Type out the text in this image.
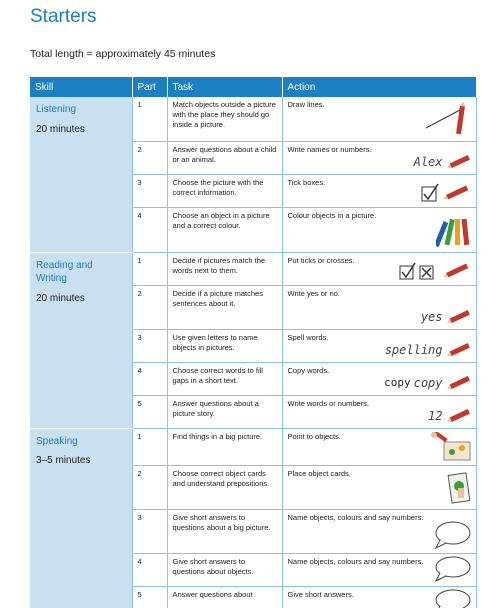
Starters

Total length = approximately 45 minutes

Skill	Part	Task	Action

Listening
20 minutes	1	Match objects outside a picture with the place they should go inside a picture.	Draw lines.

	2	Answer questions about a child or an animal.	Write names or numbers.
Alex

	3	Choose the picture with the correct information.	Tick boxes.

	4	Choose an object in a picture and a correct colour.	Colour objects in a picture.

Reading and Writing
20 minutes	1	Decide if pictures match the words next to them.	Put ticks or crosses.

	2	Decide if a picture matches sentences about it.	Write yes or no.
yes

	3	Use given letters to name objects in pictures.	Spell words.
spelling

	4	Choose correct words to fill gaps in a short text.	Copy words.
copy copy

	5	Answer questions about a picture story.	Write words or numbers.
12

Speaking
3–5 minutes	1	Find things in a big picture.	Point to objects.

	2	Choose correct object cards and understand prepositions.	Place object cards.

	3	Give short answers to questions about a big picture.	Name objects, colours and say numbers.

	4	Give short answers to questions about objects.	Name objects, colours and say numbers.

	5	Answer questions about	Give short answers.
